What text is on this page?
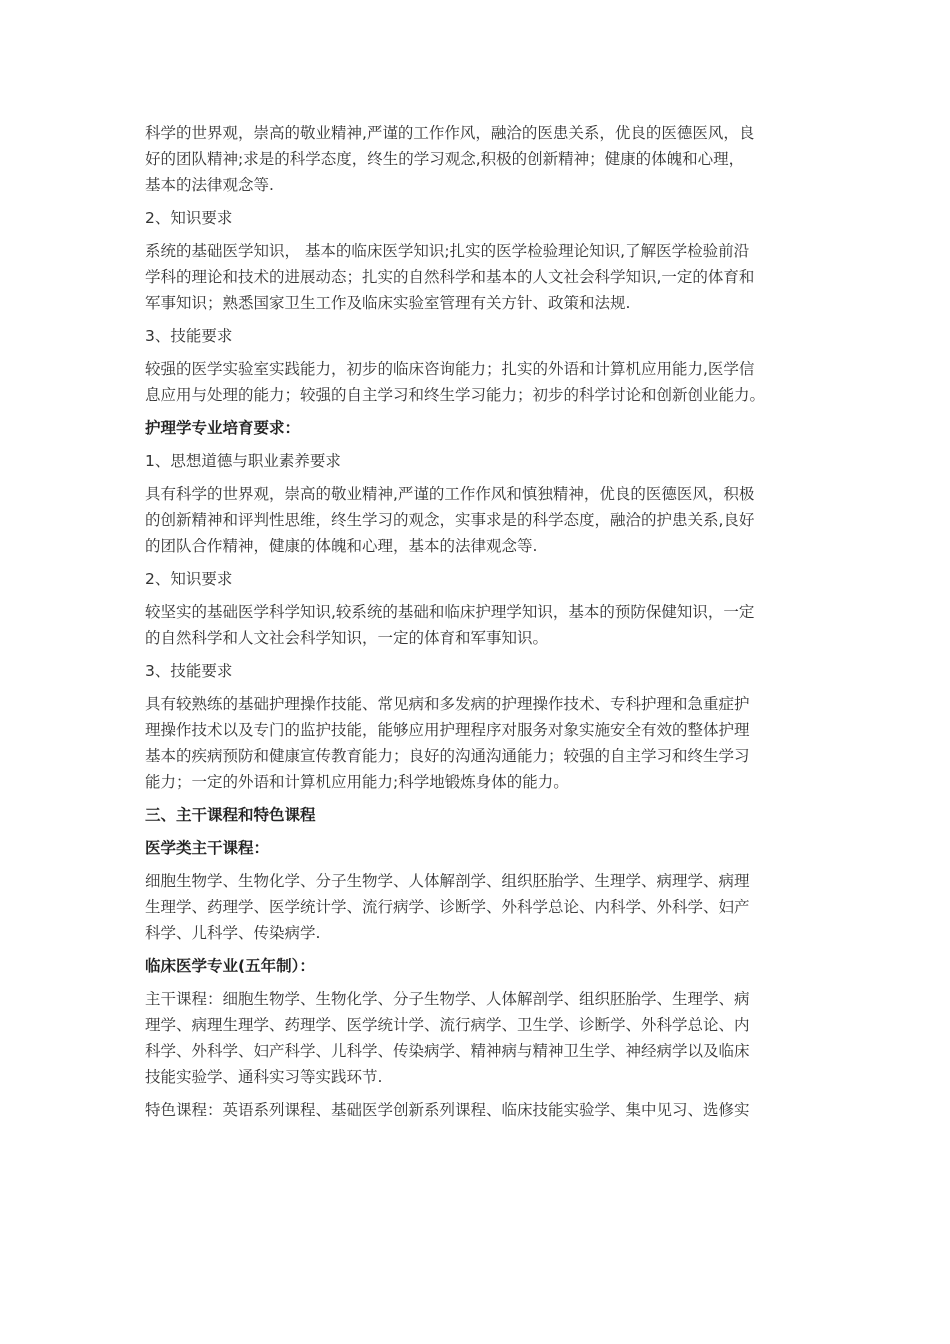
科学的世界观，崇高的敬业精神,严谨的工作作风，融洽的医患关系，优良的医德医风，良
好的团队精神;求是的科学态度，终生的学习观念,积极的创新精神；健康的体魄和心理，
基本的法律观念等.
2、知识要求
系统的基础医学知识， 基本的临床医学知识;扎实的医学检验理论知识,了解医学检验前沿
学科的理论和技术的进展动态；扎实的自然科学和基本的人文社会科学知识,一定的体育和
军事知识；熟悉国家卫生工作及临床实验室管理有关方针、政策和法规.
3、技能要求
较强的医学实验室实践能力，初步的临床咨询能力；扎实的外语和计算机应用能力,医学信
息应用与处理的能力；较强的自主学习和终生学习能力；初步的科学讨论和创新创业能力。
护理学专业培育要求：
1、思想道德与职业素养要求
具有科学的世界观，崇高的敬业精神,严谨的工作作风和慎独精神，优良的医德医风，积极
的创新精神和评判性思维，终生学习的观念，实事求是的科学态度，融洽的护患关系,良好
的团队合作精神，健康的体魄和心理，基本的法律观念等.
2、知识要求
较坚实的基础医学科学知识,较系统的基础和临床护理学知识，基本的预防保健知识，一定
的自然科学和人文社会科学知识，一定的体育和军事知识。
3、技能要求
具有较熟练的基础护理操作技能、常见病和多发病的护理操作技术、专科护理和急重症护
理操作技术以及专门的监护技能，能够应用护理程序对服务对象实施安全有效的整体护理
基本的疾病预防和健康宣传教育能力；良好的沟通沟通能力；较强的自主学习和终生学习
能力；一定的外语和计算机应用能力;科学地锻炼身体的能力。
三、主干课程和特色课程
医学类主干课程：
细胞生物学、生物化学、分子生物学、人体解剖学、组织胚胎学、生理学、病理学、病理
生理学、药理学、医学统计学、流行病学、诊断学、外科学总论、内科学、外科学、妇产
科学、儿科学、传染病学.
临床医学专业(五年制）：
主干课程：细胞生物学、生物化学、分子生物学、人体解剖学、组织胚胎学、生理学、病
理学、病理生理学、药理学、医学统计学、流行病学、卫生学、诊断学、外科学总论、内
科学、外科学、妇产科学、儿科学、传染病学、精神病与精神卫生学、神经病学以及临床
技能实验学、通科实习等实践环节.
特色课程：英语系列课程、基础医学创新系列课程、临床技能实验学、集中见习、选修实
